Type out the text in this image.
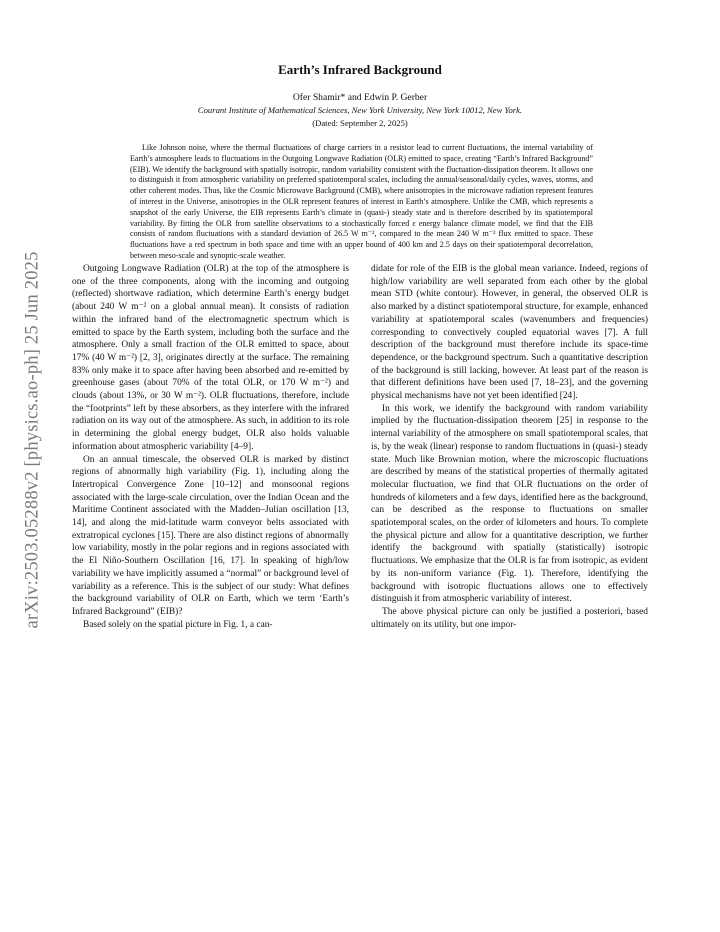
arXiv:2503.05288v2 [physics.ao-ph] 25 Jun 2025
Earth’s Infrared Background
Ofer Shamir* and Edwin P. Gerber
Courant Institute of Mathematical Sciences, New York University, New York 10012, New York.
(Dated: September 2, 2025)
Like Johnson noise, where the thermal fluctuations of charge carriers in a resistor lead to current fluctuations, the internal variability of Earth’s atmosphere leads to fluctuations in the Outgoing Longwave Radiation (OLR) emitted to space, creating “Earth’s Infrared Background” (EIB). We identify the background with spatially isotropic, random variability consistent with the fluctuation-dissipation theorem. It allows one to distinguish it from atmospheric variability on preferred spatiotemporal scales, including the annual/seasonal/daily cycles, waves, storms, and other coherent modes. Thus, like the Cosmic Microwave Background (CMB), where anisotropies in the microwave radiation represent features of interest in the Universe, anisotropies in the OLR represent features of interest in Earth’s atmosphere. Unlike the CMB, which represents a snapshot of the early Universe, the EIB represents Earth’s climate in (quasi-) steady state and is therefore described by its spatiotemporal variability. By fitting the OLR from satellite observations to a stochastically forced ε energy balance climate model, we find that the EIB consists of random fluctuations with a standard deviation of 26.5 W m⁻², compared to the mean 240 W m⁻² flux emitted to space. These fluctuations have a red spectrum in both space and time with an upper bound of 400 km and 2.5 days on their spatiotemporal decorrelation, between meso-scale and synoptic-scale weather.

Outgoing Longwave Radiation (OLR) at the top of the atmosphere is one of the three components, along with the incoming and outgoing (reflected) shortwave radiation, which determine Earth’s energy budget (about 240 W m⁻² on a global annual mean). It consists of radiation within the infrared band of the electromagnetic spectrum which is emitted to space by the Earth system, including both the surface and the atmosphere. Only a small fraction of the OLR emitted to space, about 17% (40 W m⁻²) [2, 3], originates directly at the surface. The remaining 83% only make it to space after having been absorbed and re-emitted by greenhouse gases (about 70% of the total OLR, or 170 W m⁻²) and clouds (about 13%, or 30 W m⁻²). OLR fluctuations, therefore, include the “footprints” left by these absorbers, as they interfere with the infrared radiation on its way out of the atmosphere. As such, in addition to its role in determining the global energy budget, OLR also holds valuable information about atmospheric variability [4–9].

On an annual timescale, the observed OLR is marked by distinct regions of abnormally high variability (Fig. 1), including along the Intertropical Convergence Zone [10–12] and monsoonal regions associated with the large-scale circulation, over the Indian Ocean and the Maritime Continent associated with the Madden–Julian oscillation [13, 14], and along the mid-latitude warm conveyor belts associated with extratropical cyclones [15]. There are also distinct regions of abnormally low variability, mostly in the polar regions and in regions associated with the El Niño-Southern Oscillation [16, 17]. In speaking of high/low variability we have implicitly assumed a “normal” or background level of variability as a reference. This is the subject of our study: What defines the background variability of OLR on Earth, which we term ‘Earth’s Infrared Background” (EIB)?

Based solely on the spatial picture in Fig. 1, a can-

didate for role of the EIB is the global mean variance. Indeed, regions of high/low variability are well separated from each other by the global mean STD (white contour). However, in general, the observed OLR is also marked by a distinct spatiotemporal structure, for example, enhanced variability at spatiotemporal scales (wavenumbers and frequencies) corresponding to convectively coupled equatorial waves [7]. A full description of the background must therefore include its space-time dependence, or the background spectrum. Such a quantitative description of the background is still lacking, however. At least part of the reason is that different definitions have been used [7, 18–23], and the governing physical mechanisms have not yet been identified [24].

In this work, we identify the background with random variability implied by the fluctuation-dissipation theorem [25] in response to the internal variability of the atmosphere on small spatiotemporal scales, that is, by the weak (linear) response to random fluctuations in (quasi-) steady state. Much like Brownian motion, where the microscopic fluctuations are described by means of the statistical properties of thermally agitated molecular fluctuation, we find that OLR fluctuations on the order of hundreds of kilometers and a few days, identified here as the background, can be described as the response to fluctuations on smaller spatiotemporal scales, on the order of kilometers and hours. To complete the physical picture and allow for a quantitative description, we further identify the background with spatially (statistically) isotropic fluctuations. We emphasize that the OLR is far from isotropic, as evident by its non-uniform variance (Fig. 1). Therefore, identifying the background with isotropic fluctuations allows one to effectively distinguish it from atmospheric variability of interest.

The above physical picture can only be justified a posteriori, based ultimately on its utility, but one impor-
